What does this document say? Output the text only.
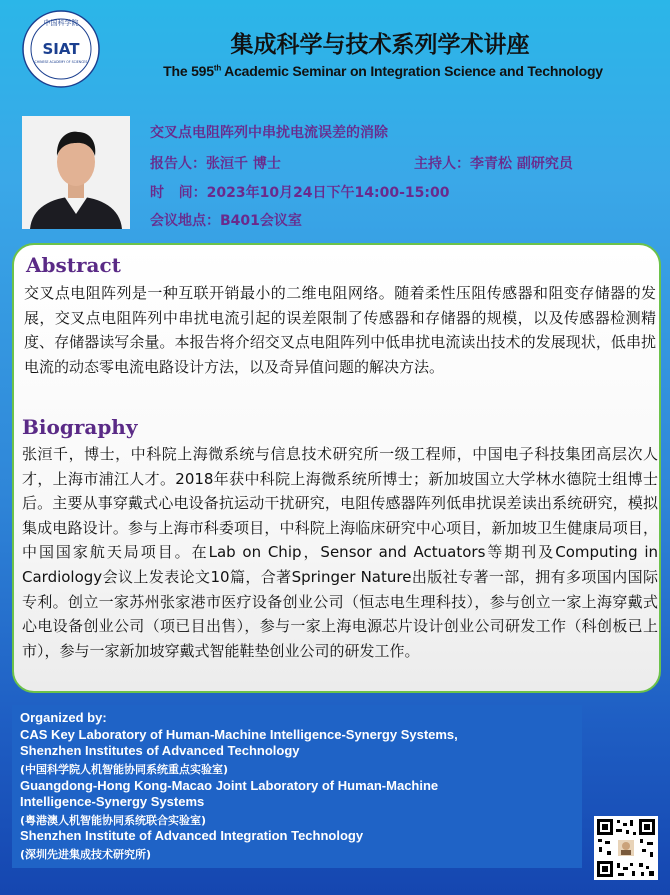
中国科学院
SIAT
CHINESE ACADEMY OF SCIENCES
集成科学与技术系列学术讲座
The 595th Academic Seminar on Integration Science and Technology
交叉点电阻阵列中串扰电流误差的消除
报告人：张洹千 博士	主持人：李青松 副研究员
时   间：2023年10月24日下午14:00-15:00
会议地点：B401会议室
Abstract
交叉点电阻阵列是一种互联开销最小的二维电阻网络。随着柔性压阻传感器和阻变存储器的发展，交叉点电阻阵列中串扰电流引起的误差限制了传感器和存储器的规模，以及传感器检测精度、存储器读写余量。本报告将介绍交叉点电阻阵列中低串扰电流读出技术的发展现状，低串扰电流的动态零电流电路设计方法，以及奇异值问题的解决方法。
Biography
张洹千，博士，中科院上海微系统与信息技术研究所一级工程师，中国电子科技集团高层次人才，上海市浦江人才。2018年获中科院上海微系统所博士；新加坡国立大学林水德院士组博士后。主要从事穿戴式心电设备抗运动干扰研究，电阻传感器阵列低串扰误差读出系统研究，模拟集成电路设计。参与上海市科委项目，中科院上海临床研究中心项目，新加坡卫生健康局项目，中国国家航天局项目。在Lab on Chip，Sensor and Actuators等期刊及Computing in Cardiology会议上发表论文10篇，合著Springer Nature出版社专著一部，拥有多项国内国际专利。创立一家苏州张家港市医疗设备创业公司（恒志电生理科技），参与创立一家上海穿戴式心电设备创业公司（项已目出售），参与一家上海电源芯片设计创业公司研发工作（科创板已上市），参与一家新加坡穿戴式智能鞋垫创业公司的研发工作。
Organized by:
CAS Key Laboratory of Human-Machine Intelligence-Synergy Systems,
Shenzhen Institutes of Advanced Technology
(中国科学院人机智能协同系统重点实验室)
Guangdong-Hong Kong-Macao Joint Laboratory of Human-Machine
Intelligence-Synergy Systems
(粤港澳人机智能协同系统联合实验室)
Shenzhen Institute of Advanced Integration Technology
(深圳先进集成技术研究所)
